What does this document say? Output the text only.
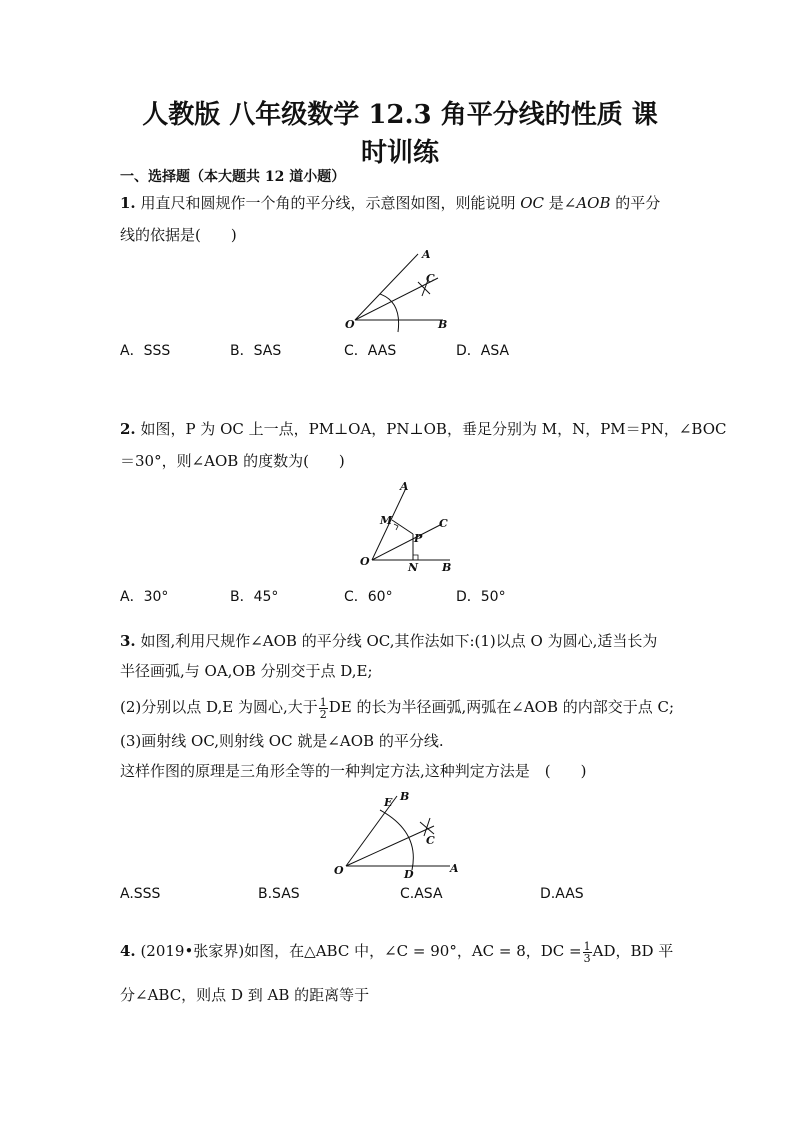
人教版 八年级数学 12.3 角平分线的性质 课
时训练
一、选择题（本大题共 12 道小题）
1. 用直尺和圆规作一个角的平分线，示意图如图，则能说明 OC 是∠AOB 的平分
线的依据是(　　)
A
C
O	B
A．SSS	B．SAS	C．AAS	D．ASA
2. 如图，P 为 OC 上一点，PM⊥OA，PN⊥OB，垂足分别为 M，N，PM＝PN，∠BOC
＝30°，则∠AOB 的度数为(　　)
A
M	C
P
O	N B
A．30°	B．45°	C．60°	D．50°
3. 如图,利用尺规作∠AOB 的平分线 OC,其作法如下:(1)以点 O 为圆心,适当长为
半径画弧,与 OA,OB 分别交于点 D,E;
(2)分别以点 D,E 为圆心,大于 $\frac{1}{2}$ DE 的长为半径画弧,两弧在∠AOB 的内部交于点 C;
(3)画射线 OC,则射线 OC 就是∠AOB 的平分线.
这样作图的原理是三角形全等的一种判定方法,这种判定方法是　(　　)
E B
C
O	D	A
A.SSS	B.SAS	C.ASA	D.AAS
4. (2019•张家界)如图，在△ABC 中，∠C = 90°，AC = 8，DC = $\frac{1}{3}$ AD，BD 平
分∠ABC，则点 D 到 AB 的距离等于
